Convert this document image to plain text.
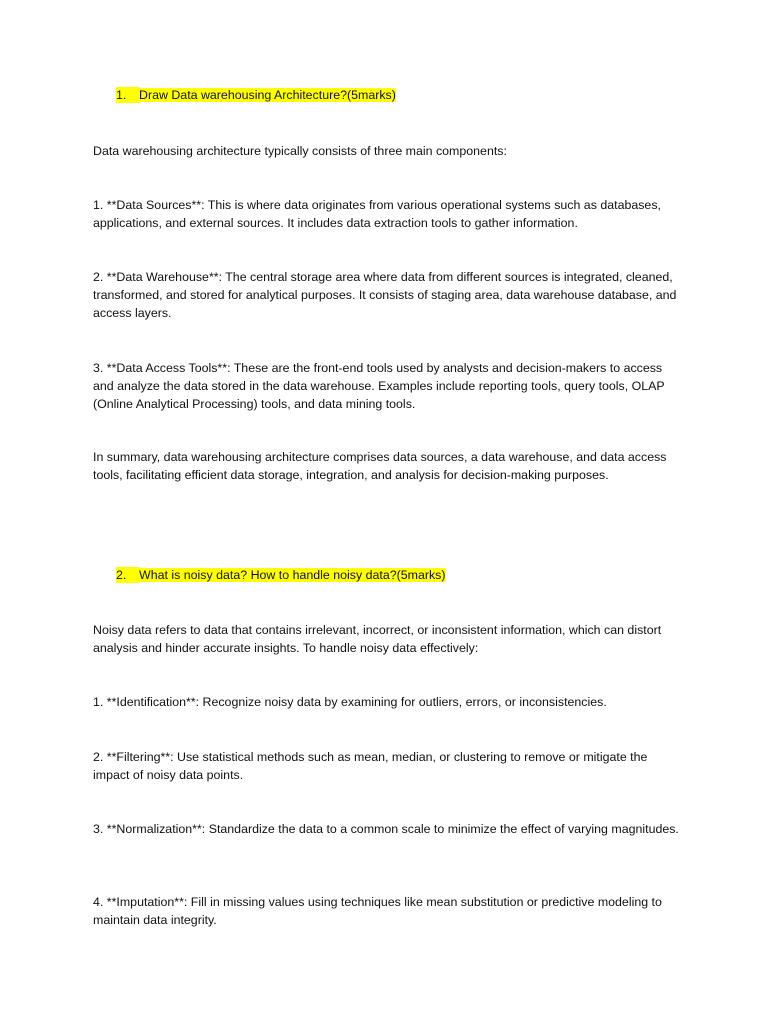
1. Draw Data warehousing Architecture?(5marks)

Data warehousing architecture typically consists of three main components:

1. **Data Sources**: This is where data originates from various operational systems such as databases, applications, and external sources. It includes data extraction tools to gather information.

2. **Data Warehouse**: The central storage area where data from different sources is integrated, cleaned, transformed, and stored for analytical purposes. It consists of staging area, data warehouse database, and access layers.

3. **Data Access Tools**: These are the front-end tools used by analysts and decision-makers to access and analyze the data stored in the data warehouse. Examples include reporting tools, query tools, OLAP (Online Analytical Processing) tools, and data mining tools.

In summary, data warehousing architecture comprises data sources, a data warehouse, and data access tools, facilitating efficient data storage, integration, and analysis for decision-making purposes.

2. What is noisy data? How to handle noisy data?(5marks)

Noisy data refers to data that contains irrelevant, incorrect, or inconsistent information, which can distort analysis and hinder accurate insights. To handle noisy data effectively:

1. **Identification**: Recognize noisy data by examining for outliers, errors, or inconsistencies.

2. **Filtering**: Use statistical methods such as mean, median, or clustering to remove or mitigate the impact of noisy data points.

3. **Normalization**: Standardize the data to a common scale to minimize the effect of varying magnitudes.

4. **Imputation**: Fill in missing values using techniques like mean substitution or predictive modeling to maintain data integrity.
